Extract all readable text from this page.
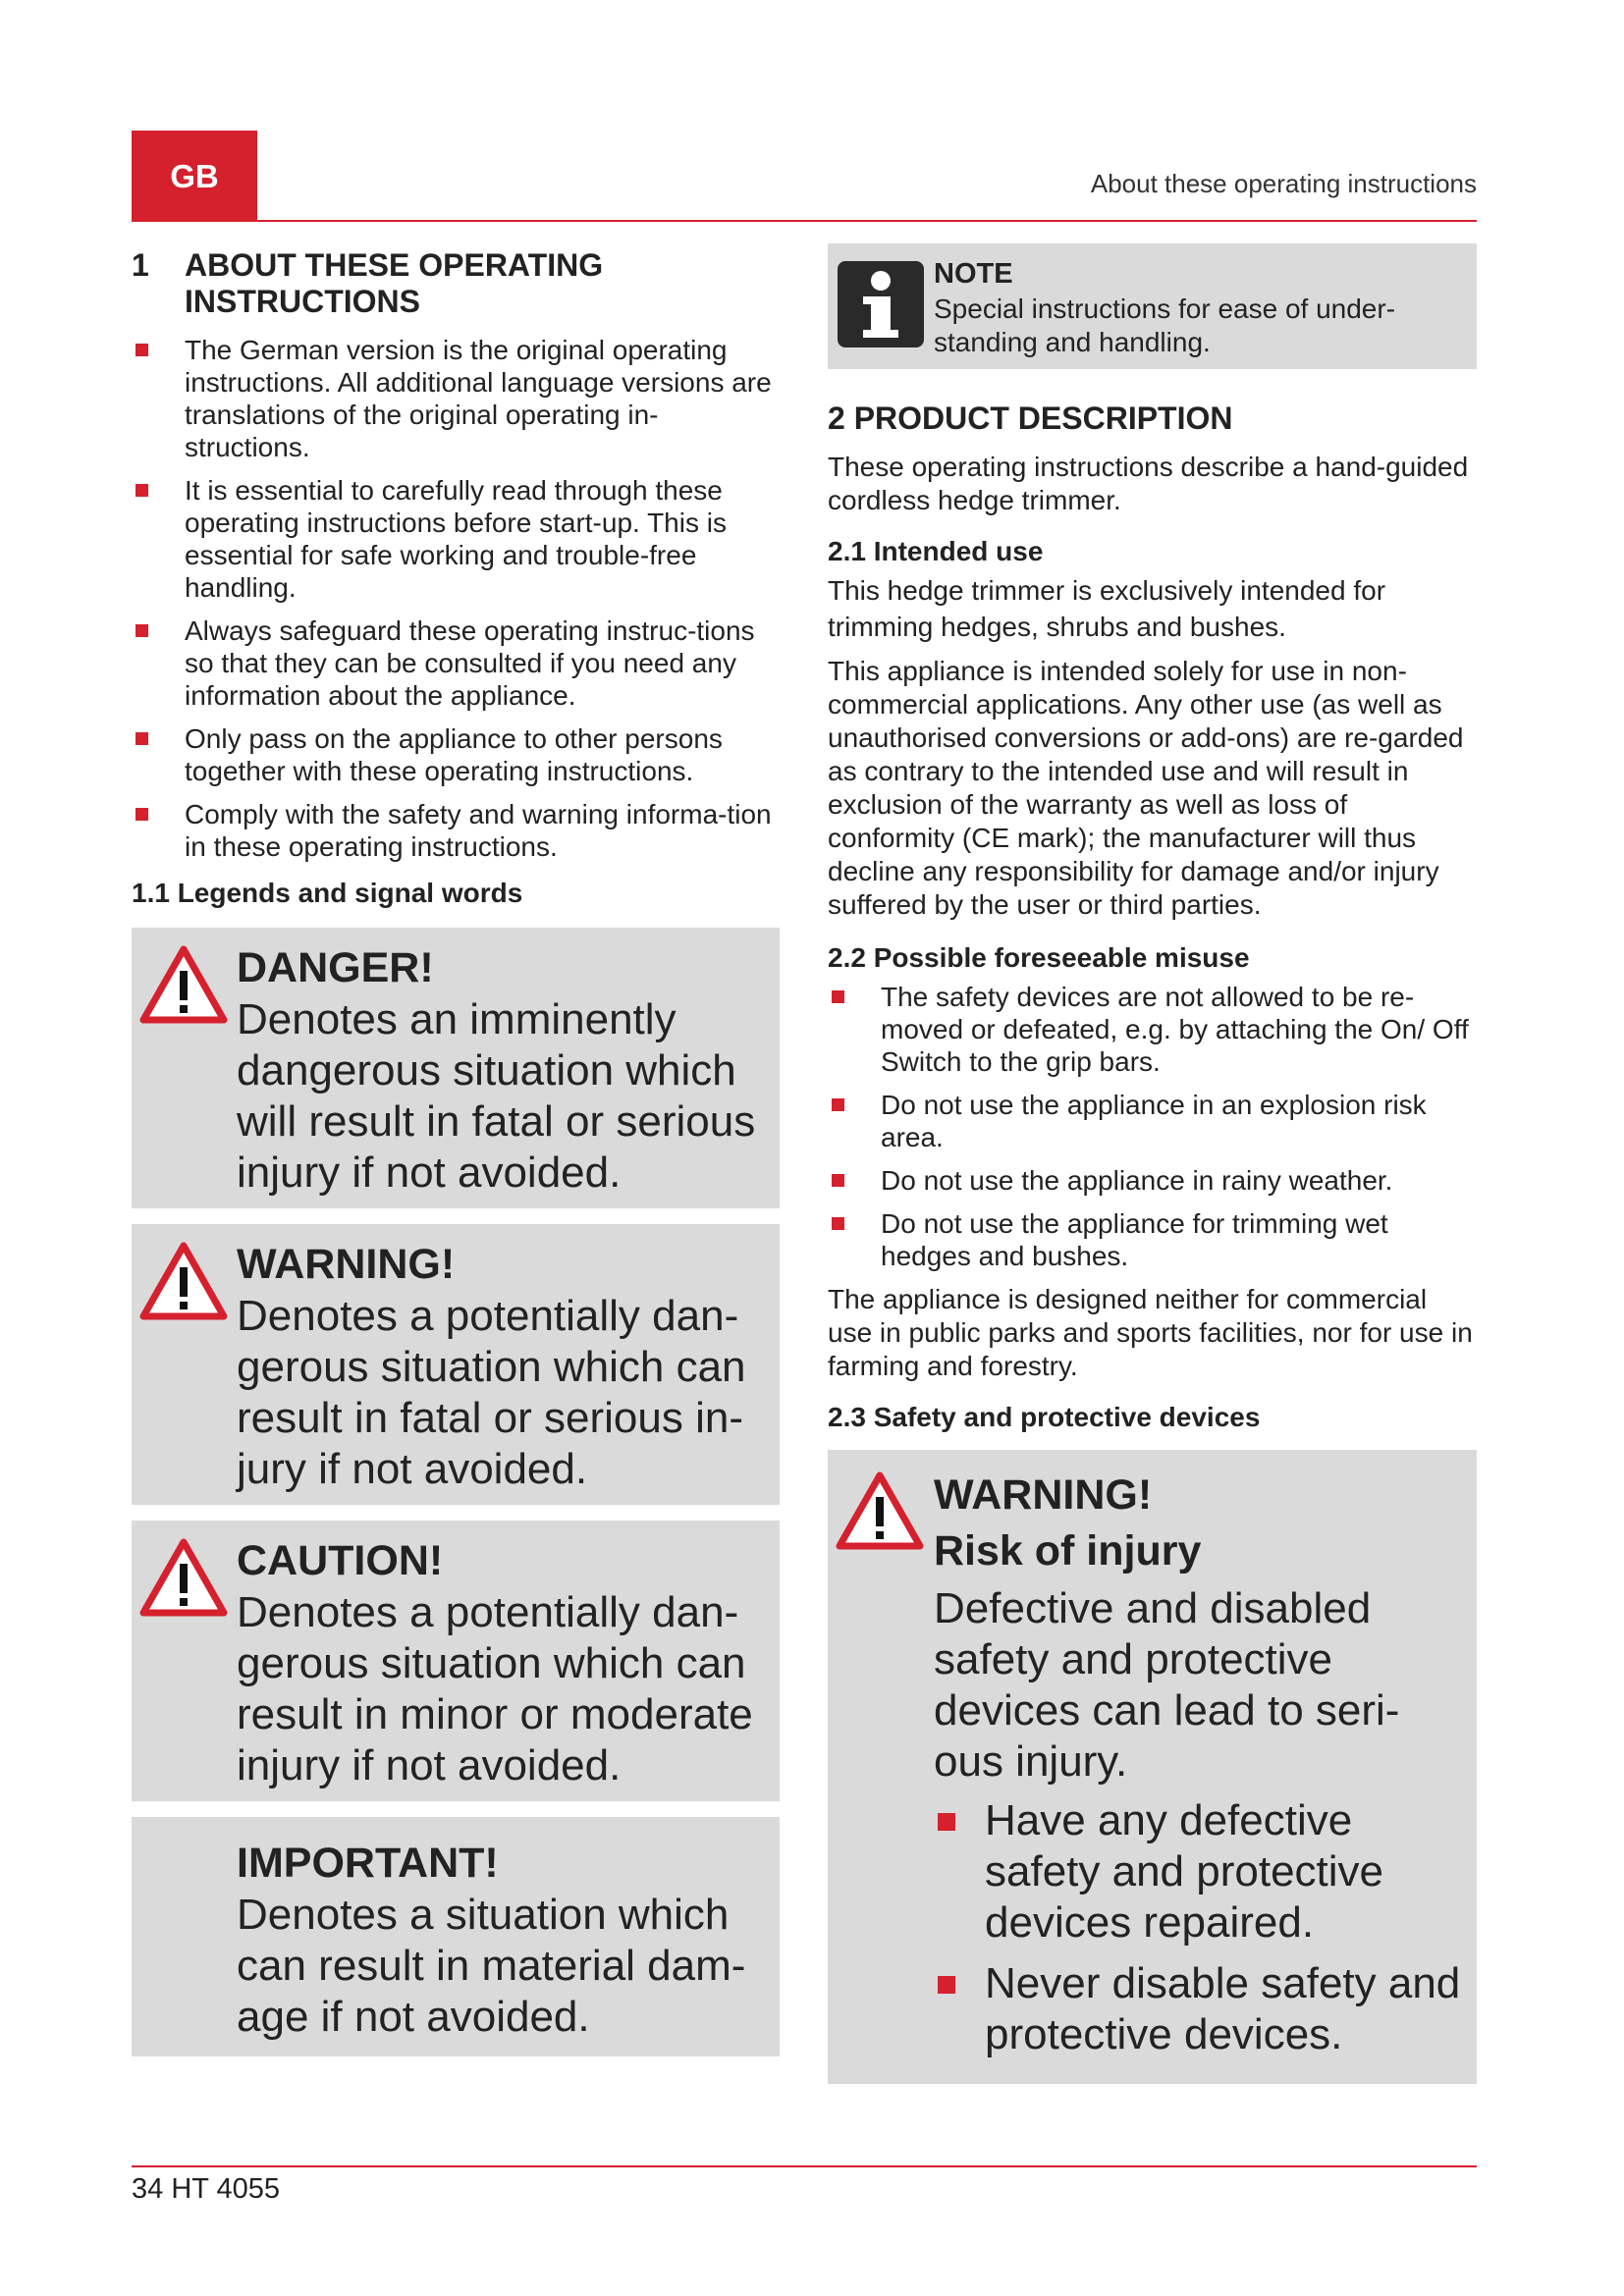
GB	About these operating instructions
1 ABOUT THESE OPERATING INSTRUCTIONS
The German version is the original operating instructions. All additional language versions are translations of the original operating in-structions.
It is essential to carefully read through these operating instructions before start-up. This is essential for safe working and trouble-free handling.
Always safeguard these operating instruc-tions so that they can be consulted if you need any information about the appliance.
Only pass on the appliance to other persons together with these operating instructions.
Comply with the safety and warning informa-tion in these operating instructions.
1.1 Legends and signal words
DANGER!
Denotes an imminently dangerous situation which will result in fatal or serious injury if not avoided.
WARNING!
Denotes a potentially dan-gerous situation which can result in fatal or serious in-jury if not avoided.
CAUTION!
Denotes a potentially dan-gerous situation which can result in minor or moderate injury if not avoided.
IMPORTANT!
Denotes a situation which can result in material dam-age if not avoided.
NOTE
Special instructions for ease of under-standing and handling.
2 PRODUCT DESCRIPTION

These operating instructions describe a hand-guided cordless hedge trimmer.

2.1 Intended use

This hedge trimmer is exclusively intended for trimming hedges, shrubs and bushes.

This appliance is intended solely for use in non-commercial applications. Any other use (as well as unauthorised conversions or add-ons) are re-garded as contrary to the intended use and will result in exclusion of the warranty as well as loss of conformity (CE mark); the manufacturer will thus decline any responsibility for damage and/or injury suffered by the user or third parties.

2.2 Possible foreseeable misuse
The safety devices are not allowed to be re-moved or defeated, e.g. by attaching the On/ Off Switch to the grip bars.
Do not use the appliance in an explosion risk area.
Do not use the appliance in rainy weather.
Do not use the appliance for trimming wet hedges and bushes.

The appliance is designed neither for commercial use in public parks and sports facilities, nor for use in farming and forestry.

2.3 Safety and protective devices
WARNING!
Risk of injury
Defective and disabled safety and protective devices can lead to seri-ous injury.
Have any defective safety and protective devices repaired.
Never disable safety and protective devices.
34 HT 4055
